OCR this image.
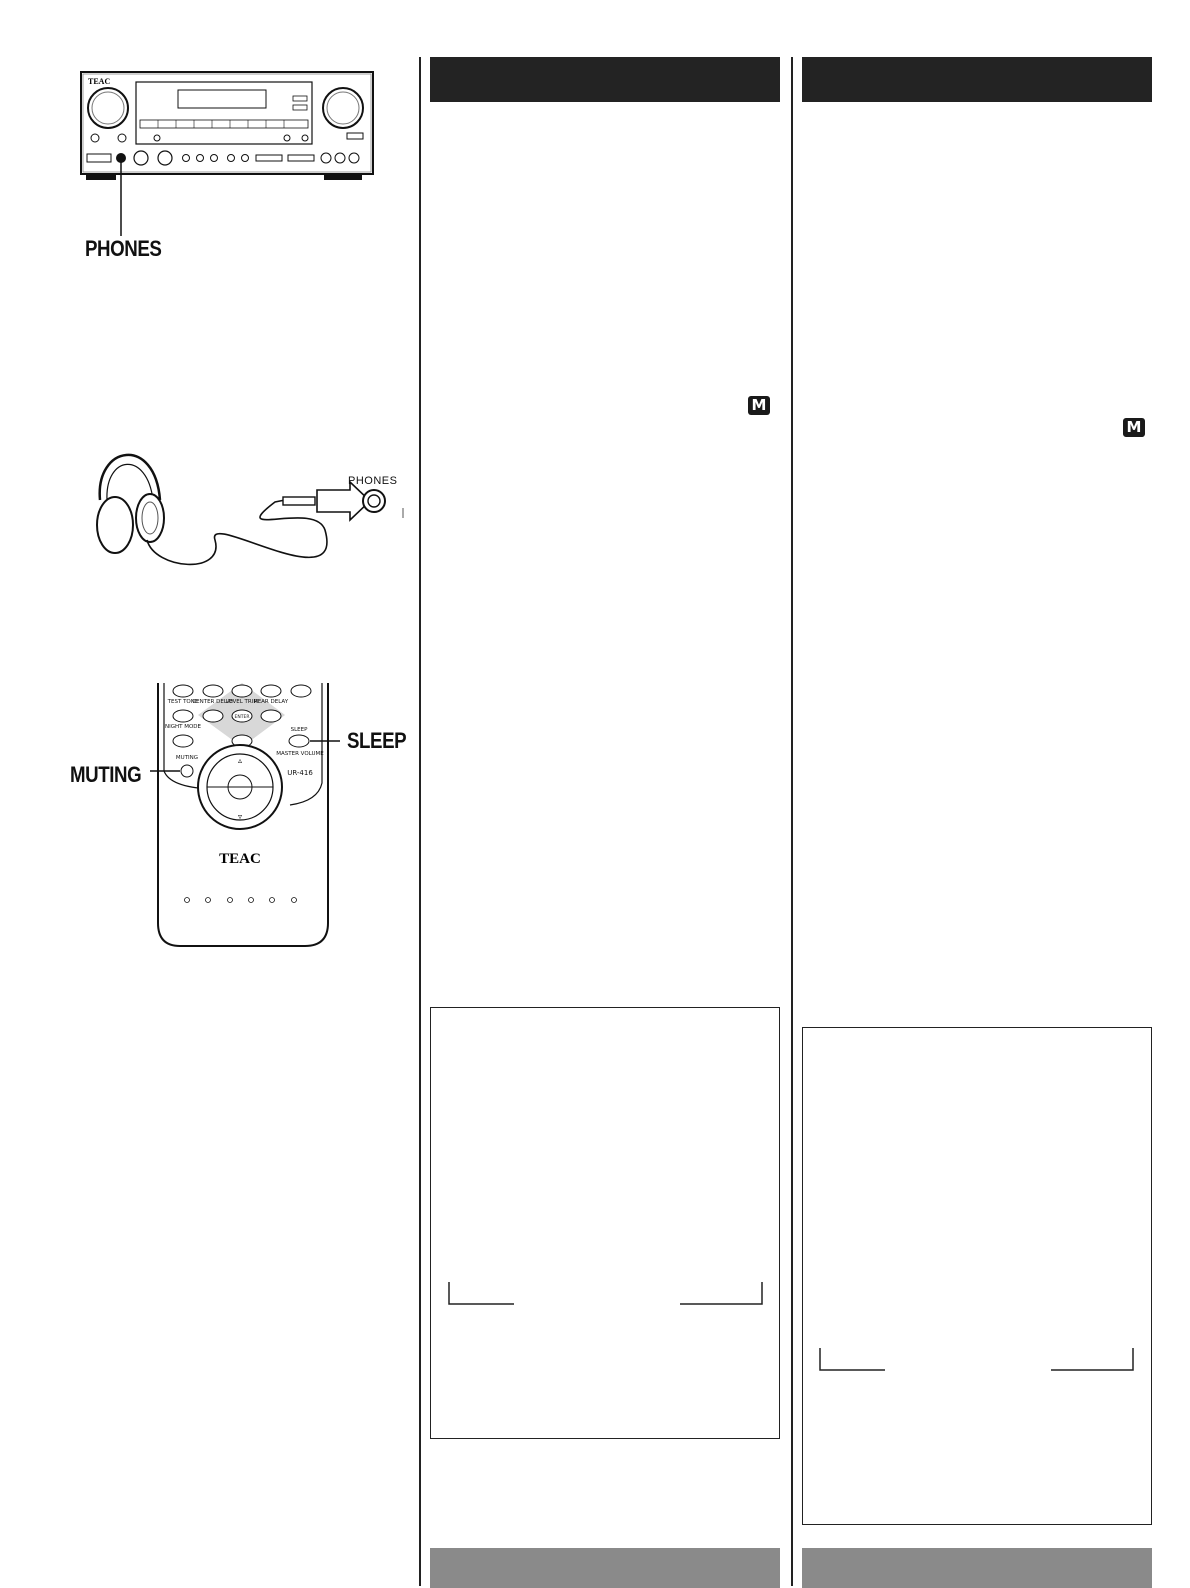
M
M
TEAC
PHONES
PHONES
TEST TONE
CENTER DELAY
LEVEL TRIM
REAR DELAY
NIGHT MODE
ENTER
SLEEP
MUTING
MASTER VOLUME
UR-416
▵
▿
TEAC
MUTING
SLEEP
